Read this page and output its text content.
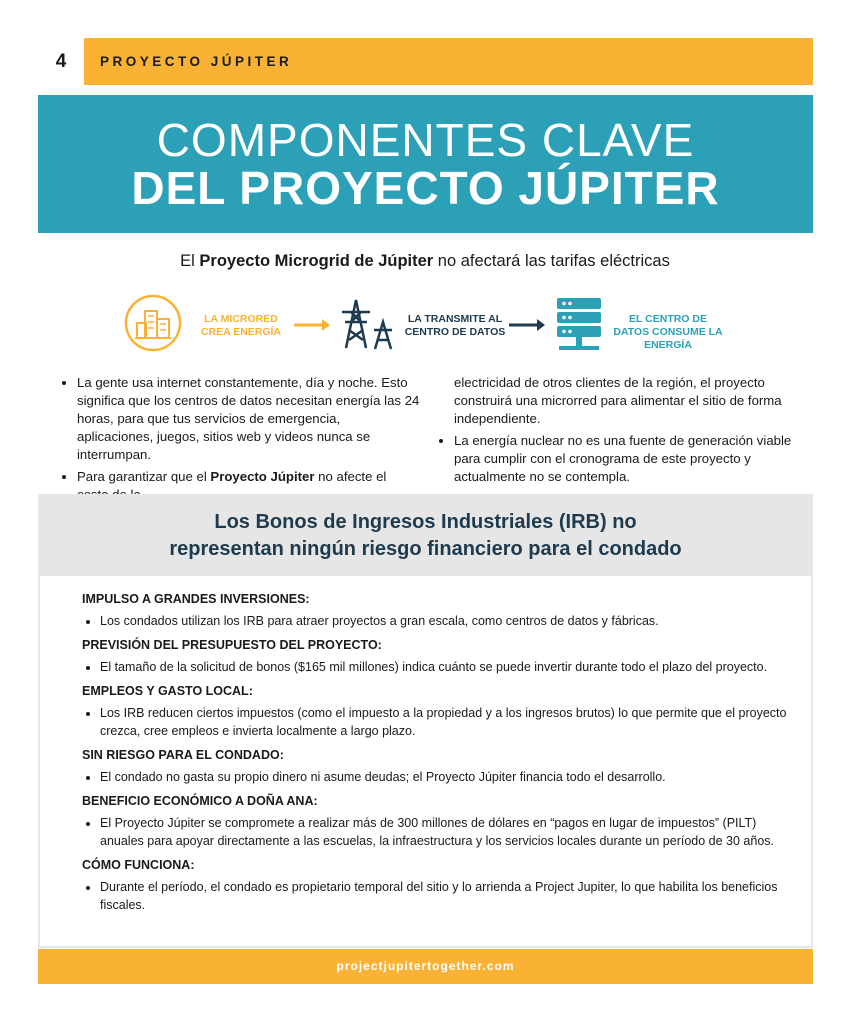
4	PROYECTO JÚPITER
COMPONENTES CLAVE
DEL PROYECTO JÚPITER
El Proyecto Microgrid de Júpiter no afectará las tarifas eléctricas
LA MICRORED CREA ENERGÍA
LA TRANSMITE AL CENTRO DE DATOS
EL CENTRO DE DATOS CONSUME LA ENERGÍA
• La gente usa internet constantemente, día y noche. Esto significa que los centros de datos necesitan energía las 24 horas, para que tus servicios de emergencia, aplicaciones, juegos, sitios web y videos nunca se interrumpan.
• Para garantizar que el Proyecto Júpiter no afecte el

electricidad de otros clientes de la región, el proyecto construirá una microrred para alimentar el sitio de forma independiente.

• La energía nuclear no es una fuente de generación viable para cumplir con el cronograma de este proyecto y actualmente no se contempla.
Los Bonos de Ingresos Industriales (IRB) no
representan ningún riesgo financiero para el condado
IMPULSO A GRANDES INVERSIONES:
• Los condados utilizan los IRB para atraer proyectos a gran escala, como centros de datos y fábricas.
PREVISIÓN DEL PRESUPUESTO DEL PROYECTO:
• El tamaño de la solicitud de bonos ($165 mil millones) indica cuánto se puede invertir durante todo el plazo del proyecto.
EMPLEOS Y GASTO LOCAL:
• Los IRB reducen ciertos impuestos (como el impuesto a la propiedad y a los ingresos brutos) lo que permite que el proyecto crezca, cree empleos e invierta localmente a largo plazo.
SIN RIESGO PARA EL CONDADO:
• El condado no gasta su propio dinero ni asume deudas; el Proyecto Júpiter financia todo el desarrollo.
BENEFICIO ECONÓMICO A DOÑA ANA:
• El Proyecto Júpiter se compromete a realizar más de 300 millones de dólares en “pagos en lugar de impuestos” (PILT) anuales para apoyar directamente a las escuelas, la infraestructura y los servicios locales durante un período de 30 años.
CÓMO FUNCIONA:
• Durante el período, el condado es propietario temporal del sitio y lo arrienda a Project Jupiter, lo que habilita los beneficios fiscales.
projectjupitertogether.com
